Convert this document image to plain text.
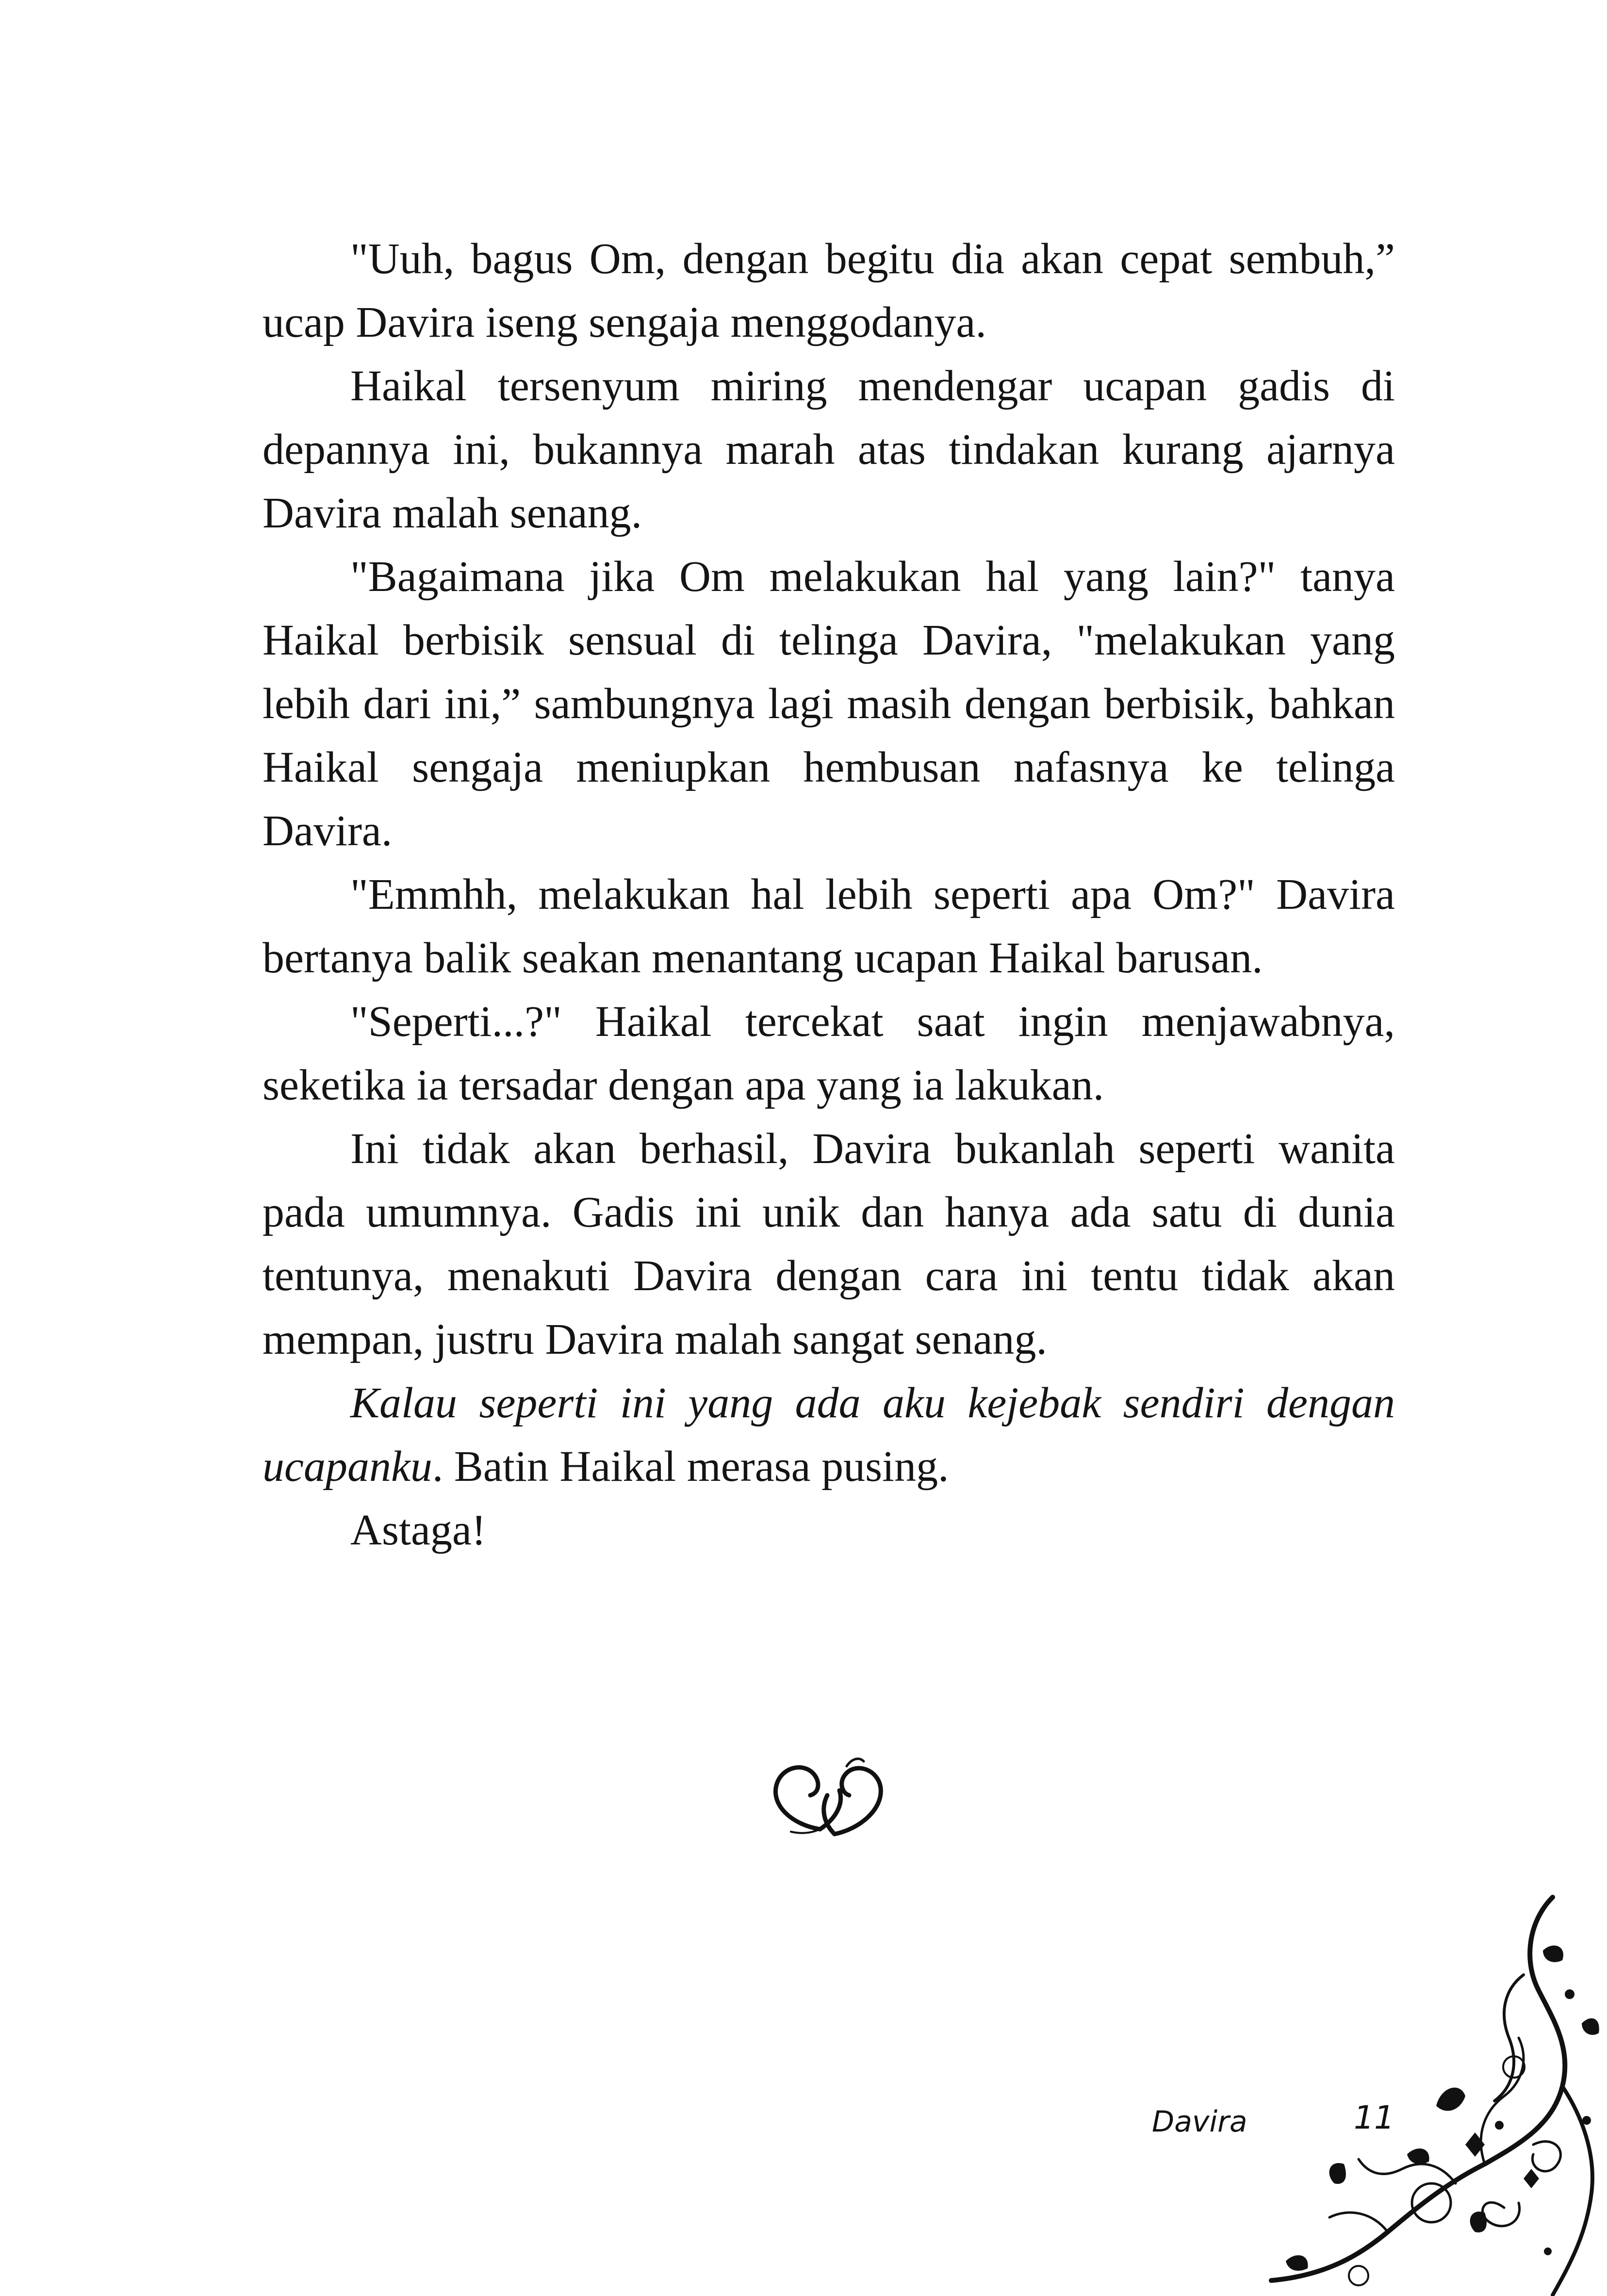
"Uuh, bagus Om, dengan begitu dia akan cepat sembuh,” ucap Davira iseng sengaja menggodanya.

Haikal tersenyum miring mendengar ucapan gadis di depannya ini, bukannya marah atas tindakan kurang ajarnya Davira malah senang.

"Bagaimana jika Om melakukan hal yang lain?" tanya Haikal berbisik sensual di telinga Davira, "melakukan yang lebih dari ini,” sambungnya lagi masih dengan berbisik, bahkan Haikal sengaja meniupkan hembusan nafasnya ke telinga Davira.

"Emmhh, melakukan hal lebih seperti apa Om?" Davira bertanya balik seakan menantang ucapan Haikal barusan.

"Seperti...?" Haikal tercekat saat ingin menjawabnya, seketika ia tersadar dengan apa yang ia lakukan.

Ini tidak akan berhasil, Davira bukanlah seperti wanita pada umumnya. Gadis ini unik dan hanya ada satu di dunia tentunya, menakuti Davira dengan cara ini tentu tidak akan mempan, justru Davira malah sangat senang.

Kalau seperti ini yang ada aku kejebak sendiri dengan ucapanku. Batin Haikal merasa pusing.

Astaga!

Davira	11
